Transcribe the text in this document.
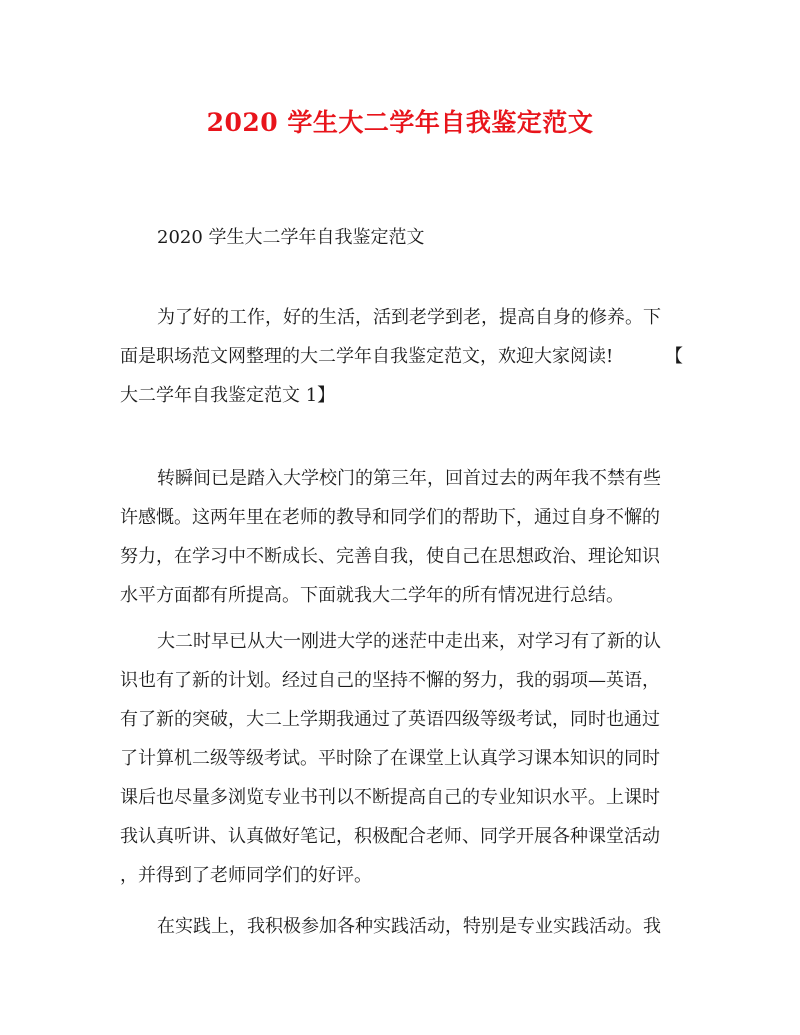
2020 学生大二学年自我鉴定范文
2020 学生大二学年自我鉴定范文
为了好的工作，好的生活，活到老学到老，提高自身的修养。下
面是职场范文网整理的大二学年自我鉴定范文，欢迎大家阅读!	【
大二学年自我鉴定范文 1】
转瞬间已是踏入大学校门的第三年，回首过去的两年我不禁有些
许感慨。这两年里在老师的教导和同学们的帮助下，通过自身不懈的
努力，在学习中不断成长、完善自我，使自己在思想政治、理论知识
水平方面都有所提高。下面就我大二学年的所有情况进行总结。
大二时早已从大一刚进大学的迷茫中走出来，对学习有了新的认
识也有了新的计划。经过自己的坚持不懈的努力，我的弱项—英语，
有了新的突破，大二上学期我通过了英语四级等级考试，同时也通过
了计算机二级等级考试。平时除了在课堂上认真学习课本知识的同时
课后也尽量多浏览专业书刊以不断提高自己的专业知识水平。上课时
我认真听讲、认真做好笔记，积极配合老师、同学开展各种课堂活动
，并得到了老师同学们的好评。
在实践上，我积极参加各种实践活动，特别是专业实践活动。我
